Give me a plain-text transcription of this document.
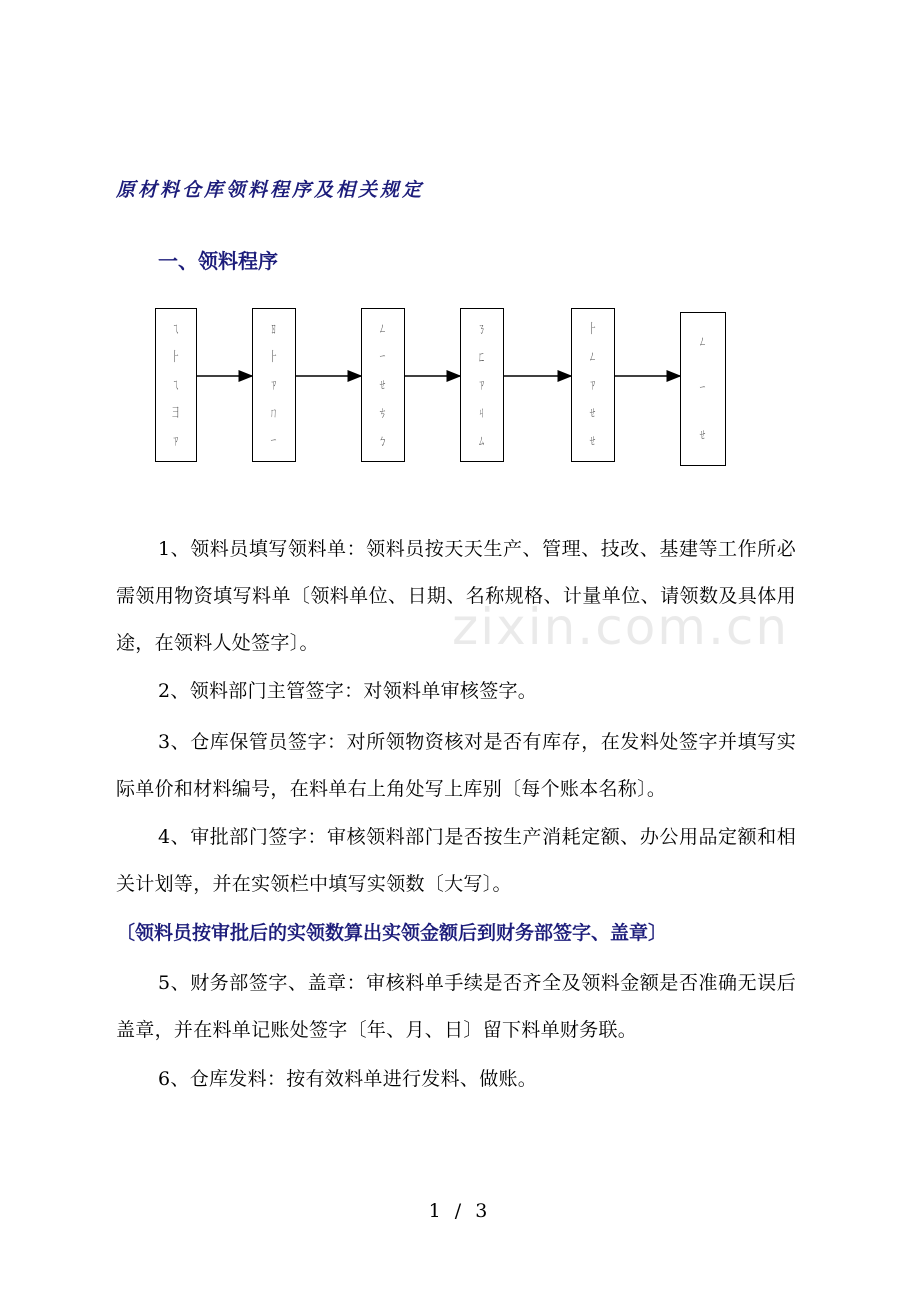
原材料仓库领料程序及相关规定
一、领料程序
ㄟ
⺊
ㄟ
⺕
ㄗ
ㄖ
⺊
ㄗ
ㄇ
ㄧ
ㄥ
ㄧ
ㄝ
ㄘ
ㄅ
ㄋ
ㄈ
ㄗ
ㄐ
ㄙ
⺊
ㄥ
ㄗ
ㄝ
ㄝ
ㄥ
ㄧ
ㄝ
1、领料员填写领料单：领料员按天天生产、管理、技改、基建等工作所必需领用物资填写料单〔领料单位、日期、名称规格、计量单位、请领数及具体用途，在领料人处签字〕。
2、领料部门主管签字：对领料单审核签字。
3、仓库保管员签字：对所领物资核对是否有库存，在发料处签字并填写实际单价和材料编号，在料单右上角处写上库别〔每个账本名称〕。
4、审批部门签字：审核领料部门是否按生产消耗定额、办公用品定额和相关计划等，并在实领栏中填写实领数〔大写〕。
〔领料员按审批后的实领数算出实领金额后到财务部签字、盖章〕
5、财务部签字、盖章：审核料单手续是否齐全及领料金额是否准确无误后盖章，并在料单记账处签字〔年、月、日〕留下料单财务联。
6、仓库发料：按有效料单进行发料、做账。
zixin.com.cn
1 / 3
